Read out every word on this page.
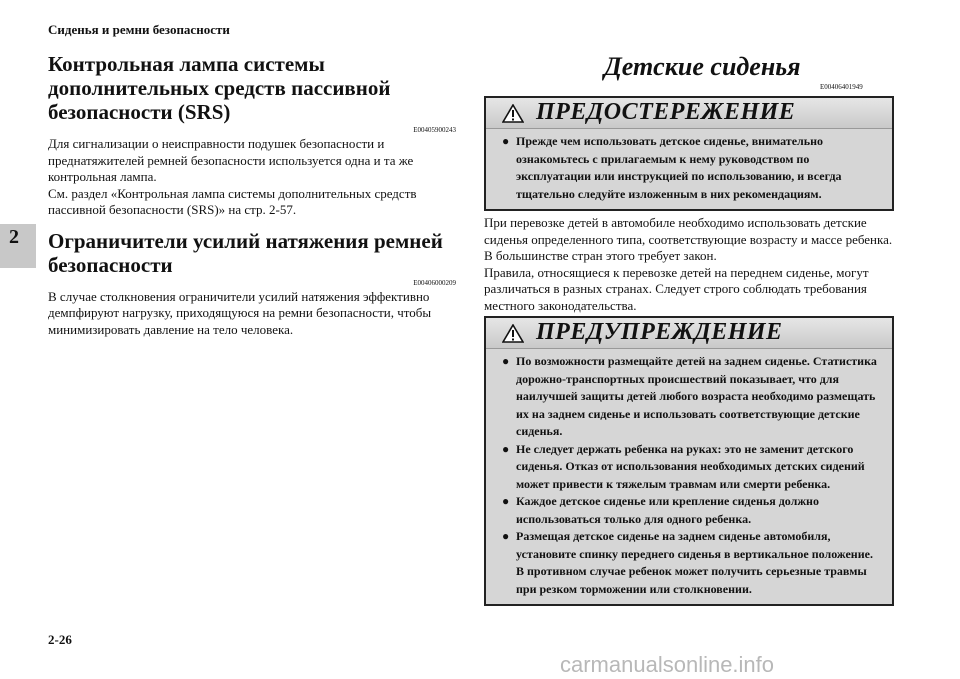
Сиденья и ремни безопасности
2
Контрольная лампа системы дополнительных средств пассивной безопасности (SRS)
E00405900243

Для сигнализации о неисправности подушек безопасности и преднатяжителей ремней безопасности используется одна и та же контрольная лампа.

См. раздел «Контрольная лампа системы дополнительных средств пассивной безопасности (SRS)» на стр. 2-57.

Ограничители усилий натяжения ремней безопасности
E00406000209

В случае столкновения ограничители усилий натяжения эффективно демпфируют нагрузку, приходящуюся на ремни безопасности, чтобы минимизировать давление на тело человека.

Детские сиденья
E00406401949
ПРЕДОСТЕРЕЖЕНИЕ
● Прежде чем использовать детское сиденье, внимательно ознакомьтесь с прилагаемым к нему руководством по эксплуатации или инструкцией по использованию, и всегда тщательно следуйте изложенным в них рекомендациям.

При перевозке детей в автомобиле необходимо использовать детские сиденья определенного типа, соответствующие возрасту и массе ребенка. В большинстве стран этого требует закон.

Правила, относящиеся к перевозке детей на переднем сиденье, могут различаться в разных странах. Следует строго соблюдать требования местного законодательства.

ПРЕДУПРЕЖДЕНИЕ
● По возможности размещайте детей на заднем сиденье. Статистика дорожно-транспортных происшествий показывает, что для наилучшей защиты детей любого возраста необходимо размещать их на заднем сиденье и использовать соответствующие детские сиденья.
● Не следует держать ребенка на руках: это не заменит детского сиденья. Отказ от использования необходимых детских сидений может привести к тяжелым травмам или смерти ребенка.
● Каждое детское сиденье или крепление сиденья должно использоваться только для одного ребенка.
● Размещая детское сиденье на заднем сиденье автомобиля, установите спинку переднего сиденья в вертикальное положение. В противном случае ребенок может получить серьезные травмы при резком торможении или столкновении.
2-26
carmanualsonline.info
